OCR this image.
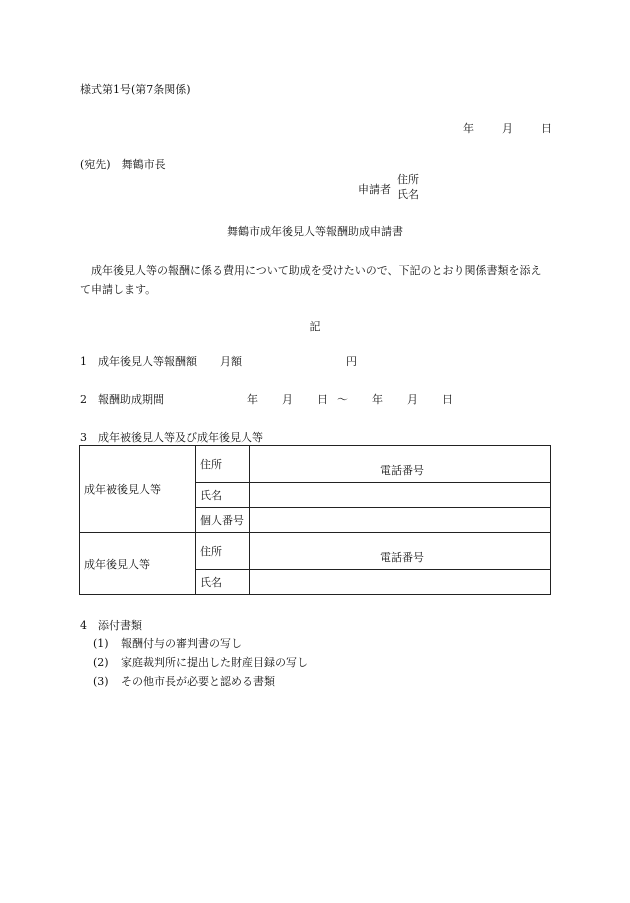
様式第1号(第7条関係)
年	月	日
(宛先)　舞鶴市長
申請者
住所
氏名
舞鶴市成年後見人等報酬助成申請書
成年後見人等の報酬に係る費用について助成を受けたいので、下記のとおり関係書類を添えて申請します。
記
1 成年後見人等報酬額 月額	円
2 報酬助成期間	年 月 日 ～ 年 月 日
3 成年被後見人等及び成年後見人等
成年被後見人等	住所	電話番号

	氏名	
	個人番号	
成年後見人等	住所	電話番号

	氏名	
4 添付書類
(1) 報酬付与の審判書の写し
(2) 家庭裁判所に提出した財産目録の写し
(3) その他市長が必要と認める書類
